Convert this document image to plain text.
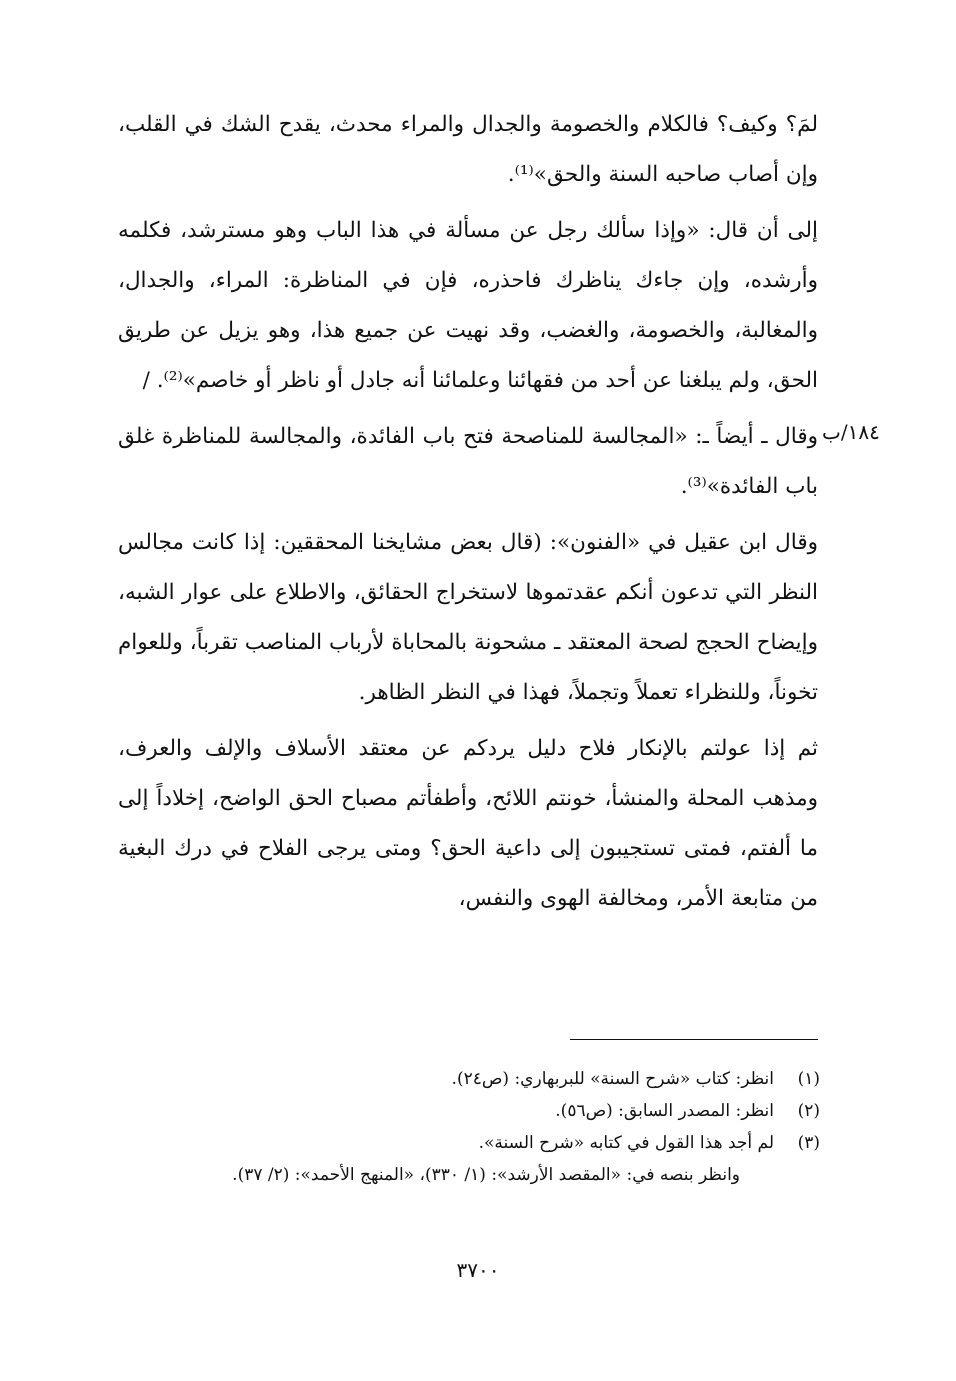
لمَ؟ وكيف؟ فالكلام والخصومة والجدال والمراء محدث، يقدح الشك في القلب، وإن أصاب صاحبه السنة والحق»⁽¹⁾.

إلى أن قال: «وإذا سألك رجل عن مسألة في هذا الباب وهو مسترشد، فكلمه وأرشده، وإن جاءك يناظرك فاحذره، فإن في المناظرة: المراء، والجدال، والمغالبة، والخصومة، والغضب، وقد نهيت عن جميع هذا، وهو يزيل عن طريق الحق، ولم يبلغنا عن أحد من فقهائنا وعلمائنا أنه جادل أو ناظر أو خاصم»⁽²⁾. /

وقال ـ أيضاً ـ: «المجالسة للمناصحة فتح باب الفائدة، والمجالسة للمناظرة غلق باب الفائدة»⁽³⁾.

وقال ابن عقيل في «الفنون»: (قال بعض مشايخنا المحققين: إذا كانت مجالس النظر التي تدعون أنكم عقدتموها لاستخراج الحقائق، والاطلاع على عوار الشبه، وإيضاح الحجج لصحة المعتقد ـ مشحونة بالمحاباة لأرباب المناصب تقرباً، وللعوام تخوناً، وللنظراء تعملاً وتجملاً، فهذا في النظر الظاهر.

ثم إذا عولتم بالإنكار فلاح دليل يردكم عن معتقد الأسلاف والإلف والعرف، ومذهب المحلة والمنشأ، خونتم اللائح، وأطفأتم مصباح الحق الواضح، إخلاداً إلى ما ألفتم، فمتى تستجيبون إلى داعية الحق؟ ومتى يرجى الفلاح في درك البغية من متابعة الأمر، ومخالفة الهوى والنفس،

١٨٤/ب
(١)
انظر: كتاب «شرح السنة» للبربهاري: (ص٢٤).
(٢)
انظر: المصدر السابق: (ص٥٦).
(٣)
لم أجد هذا القول في كتابه «شرح السنة».
وانظر بنصه في: «المقصد الأرشد»: (١/ ٣٣٠)، «المنهج الأحمد»: (٢/ ٣٧).
٣٧٠٠
